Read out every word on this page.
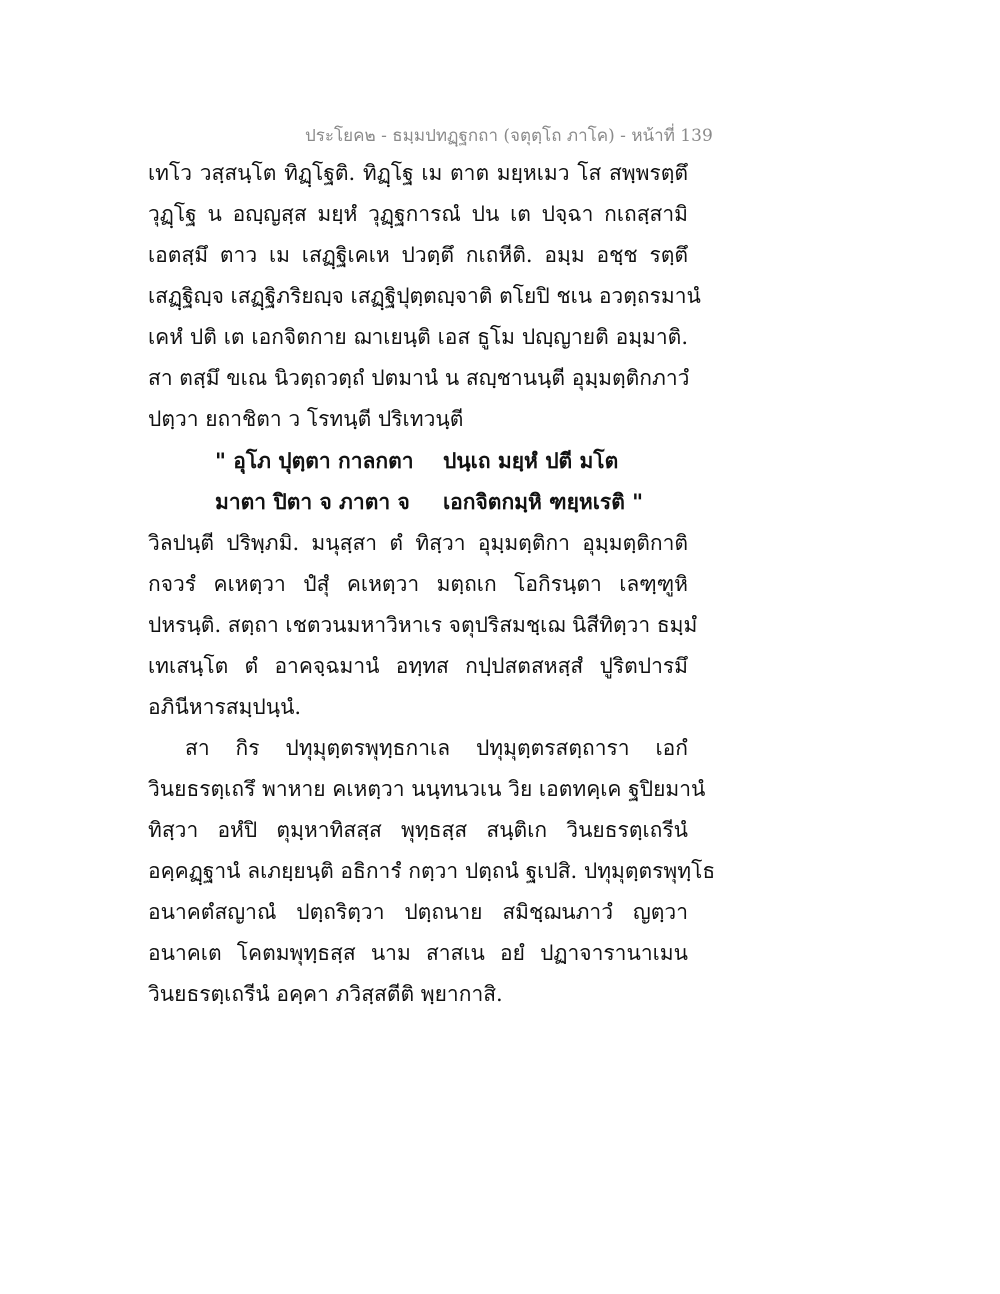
ประโยค๒ - ธมฺมปทฏฺฐกถา (จตุตฺโถ ภาโค) - หน้าที่ 139
เทโว วสฺสนฺโต ทิฏฺโฐติ. ทิฏฺโฐ เม ตาต มยฺหเมว โส สพฺพรตฺตึ
วุฏฺโฐ น อญฺญสฺส มยฺหํ วุฏฺฐการณํ ปน เต ปจฺฉา กเถสฺสามิ
เอตสฺมึ ตาว เม เสฏฺฐิเคเห ปวตฺตึ กเถหีติ. อมฺม อชฺช รตฺตึ
เสฏฺฐิญฺจ เสฏฺฐิภริยญฺจ เสฏฺฐิปุตฺตญฺจาติ ตโยปิ ชเน อวตฺถรมานํ
เคหํ ปติ เต เอกจิตกาย ฌาเยนฺติ เอส ธูโม ปญฺญายติ อมฺมาติ.
สา ตสฺมึ ขเณ นิวตฺถวตฺถํ ปตมานํ น สญฺชานนฺตี อุมฺมตฺติกภาวํ
ปตฺวา ยถาชิตา ว โรทนฺตี ปริเทวนฺตี
" อุโภ ปุตฺตา กาลกตา ปนฺเถ มยฺหํ ปตี มโต
มาตา ปิตา จ ภาตา จ เอกจิตกมฺหิ ฑยฺหเรติ "
วิลปนฺตี ปริพฺภมิ. มนุสฺสา ตํ ทิสฺวา อุมฺมตฺติกา อุมฺมตฺติกาติ
กจวรํ คเหตฺวา ปํสุํ คเหตฺวา มตฺถเก โอกิรนฺตา เลฑฺฑูหิ
ปหรนฺติ. สตฺถา เชตวนมหาวิหาเร จตุปริสมชฺเฌ นิสีทิตฺวา ธมฺมํ
เทเสนฺโต ตํ อาคจฺฉมานํ อทฺทส กปฺปสตสหสฺสํ ปูริตปารมึ
อภินีหารสมฺปนฺนํ.
สา กิร ปทุมุตฺตรพุทฺธกาเล ปทุมุตฺตรสตฺถารา เอกํ
วินยธรตฺเถรึ พาหาย คเหตฺวา นนฺทนวเน วิย เอตทคฺเค ฐปิยมานํ
ทิสฺวา อหํปิ ตุมฺหาทิสสฺส พุทฺธสฺส สนฺติเก วินยธรตฺเถรีนํ
อคฺคฏฺฐานํ ลเภยฺยนฺติ อธิการํ กตฺวา ปตฺถนํ ฐเปสิ. ปทุมุตฺตรพุทฺโธ
อนาคตํสญาณํ ปตฺถริตฺวา ปตฺถนาย สมิชฺฌนภาวํ ญตฺวา
อนาคเต โคตมพุทฺธสฺส นาม สาสเน อยํ ปฏาจารานาเมน
วินยธรตฺเถรีนํ อคฺคา ภวิสฺสตีติ พฺยากาสิ.
